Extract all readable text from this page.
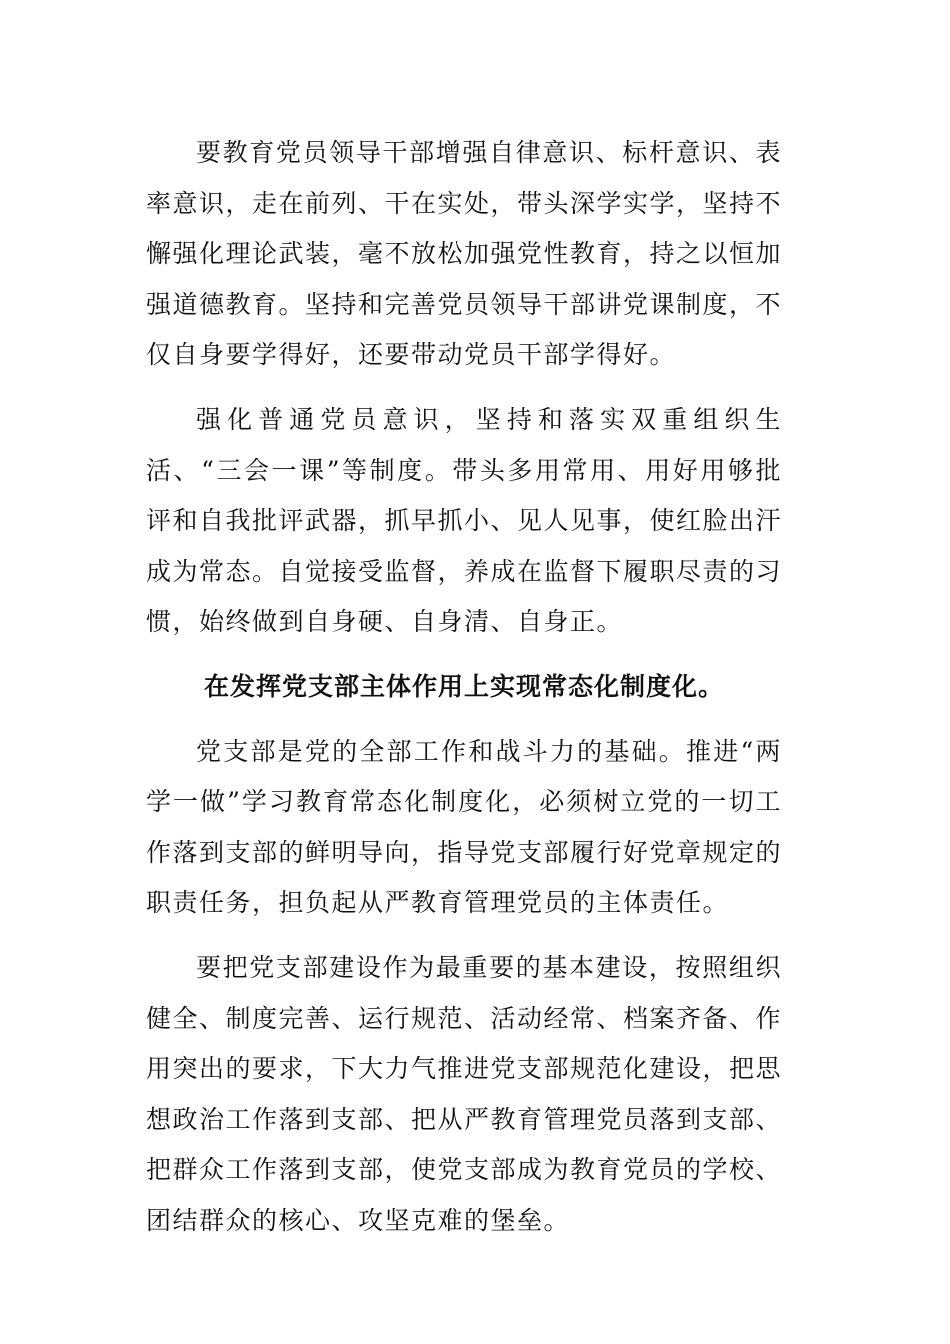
要教育党员领导干部增强自律意识、标杆意识、表率意识，走在前列、干在实处，带头深学实学，坚持不懈强化理论武装，毫不放松加强党性教育，持之以恒加强道德教育。坚持和完善党员领导干部讲党课制度，不仅自身要学得好，还要带动党员干部学得好。

强化普通党员意识，坚持和落实双重组织生活、“三会一课”等制度。带头多用常用、用好用够批评和自我批评武器，抓早抓小、见人见事，使红脸出汗成为常态。自觉接受监督，养成在监督下履职尽责的习惯，始终做到自身硬、自身清、自身正。

在发挥党支部主体作用上实现常态化制度化。

党支部是党的全部工作和战斗力的基础。推进“两学一做”学习教育常态化制度化，必须树立党的一切工作落到支部的鲜明导向，指导党支部履行好党章规定的职责任务，担负起从严教育管理党员的主体责任。

要把党支部建设作为最重要的基本建设，按照组织健全、制度完善、运行规范、活动经常、档案齐备、作用突出的要求，下大力气推进党支部规范化建设，把思想政治工作落到支部、把从严教育管理党员落到支部、把群众工作落到支部，使党支部成为教育党员的学校、团结群众的核心、攻坚克难的堡垒。
